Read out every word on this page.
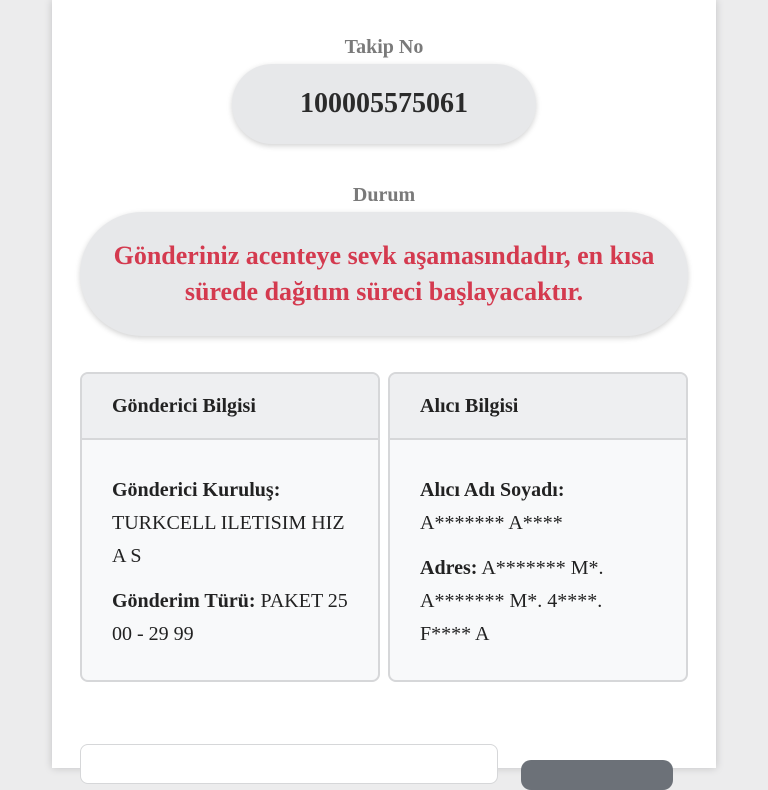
Takip No
100005575061
Durum
Gönderiniz acenteye sevk aşamasındadır, en kısa sürede dağıtım süreci başlayacaktır.
Gönderici Bilgisi
Gönderici Kuruluş:
TURKCELL ILETISIM HIZ A S
Gönderim Türü: PAKET 25 00 - 29 99
Alıcı Bilgisi
Alıcı Adı Soyadı:
A******* A****
Adres: A******* M*. A******* M*. 4****. F**** A
